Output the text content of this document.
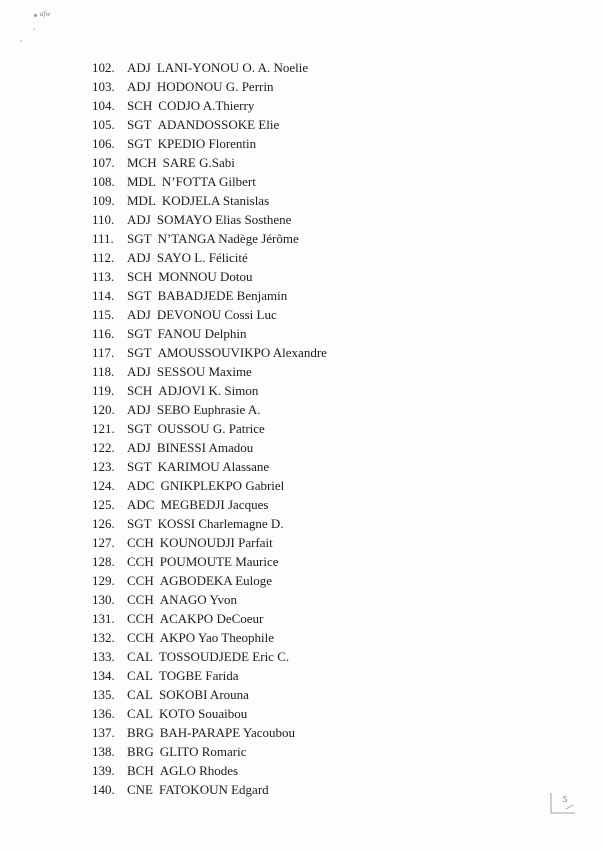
afw
102. ADJ LANI-YONOU O. A. Noelie
103. ADJ HODONOU G. Perrin
104. SCH CODJO A.Thierry
105. SGT ADANDOSSOKE Elie
106. SGT KPEDIO Florentin
107. MCH SARE G.Sabi
108. MDL N’FOTTA Gilbert
109. MDL KODJELA Stanislas
110. ADJ SOMAYO Elias Sosthene
111.	SGT N’TANGA Nadège Jérôme
112. ADJ SAYO L. Félicité
113. SCH MONNOU Dotou
114. SGT BABADJEDE Benjamin
115. ADJ DEVONOU Cossi Luc
116. SGT FANOU Delphin
117. SGT AMOUSSOUVIKPO Alexandre
118. ADJ SESSOU Maxime
119. SCH ADJOVI K. Simon
120. ADJ SEBO Euphrasie A.
121. SGT OUSSOU G. Patrice
122. ADJ BINESSI Amadou
123. SGT KARIMOU Alassane
124. ADC GNIKPLEKPO Gabriel
125. ADC MEGBEDJI Jacques
126. SGT KOSSI Charlemagne D.
127. CCH KOUNOUDJI Parfait
128. CCH POUMOUTE Maurice
129. CCH AGBODEKA Euloge
130. CCH ANAGO Yvon
131. CCH ACAKPO DeCoeur
132. CCH AKPO Yao Theophile
133. CAL TOSSOUDJEDE Eric C.
134. CAL TOGBE Farida
135. CAL SOKOBI Arouna
136. CAL KOTO Souaibou
137. BRG BAH-PARAPE Yacoubou
138. BRG GLITO Romaric
139. BCH AGLO Rhodes
140. CNE FATOKOUN Edgard
5
